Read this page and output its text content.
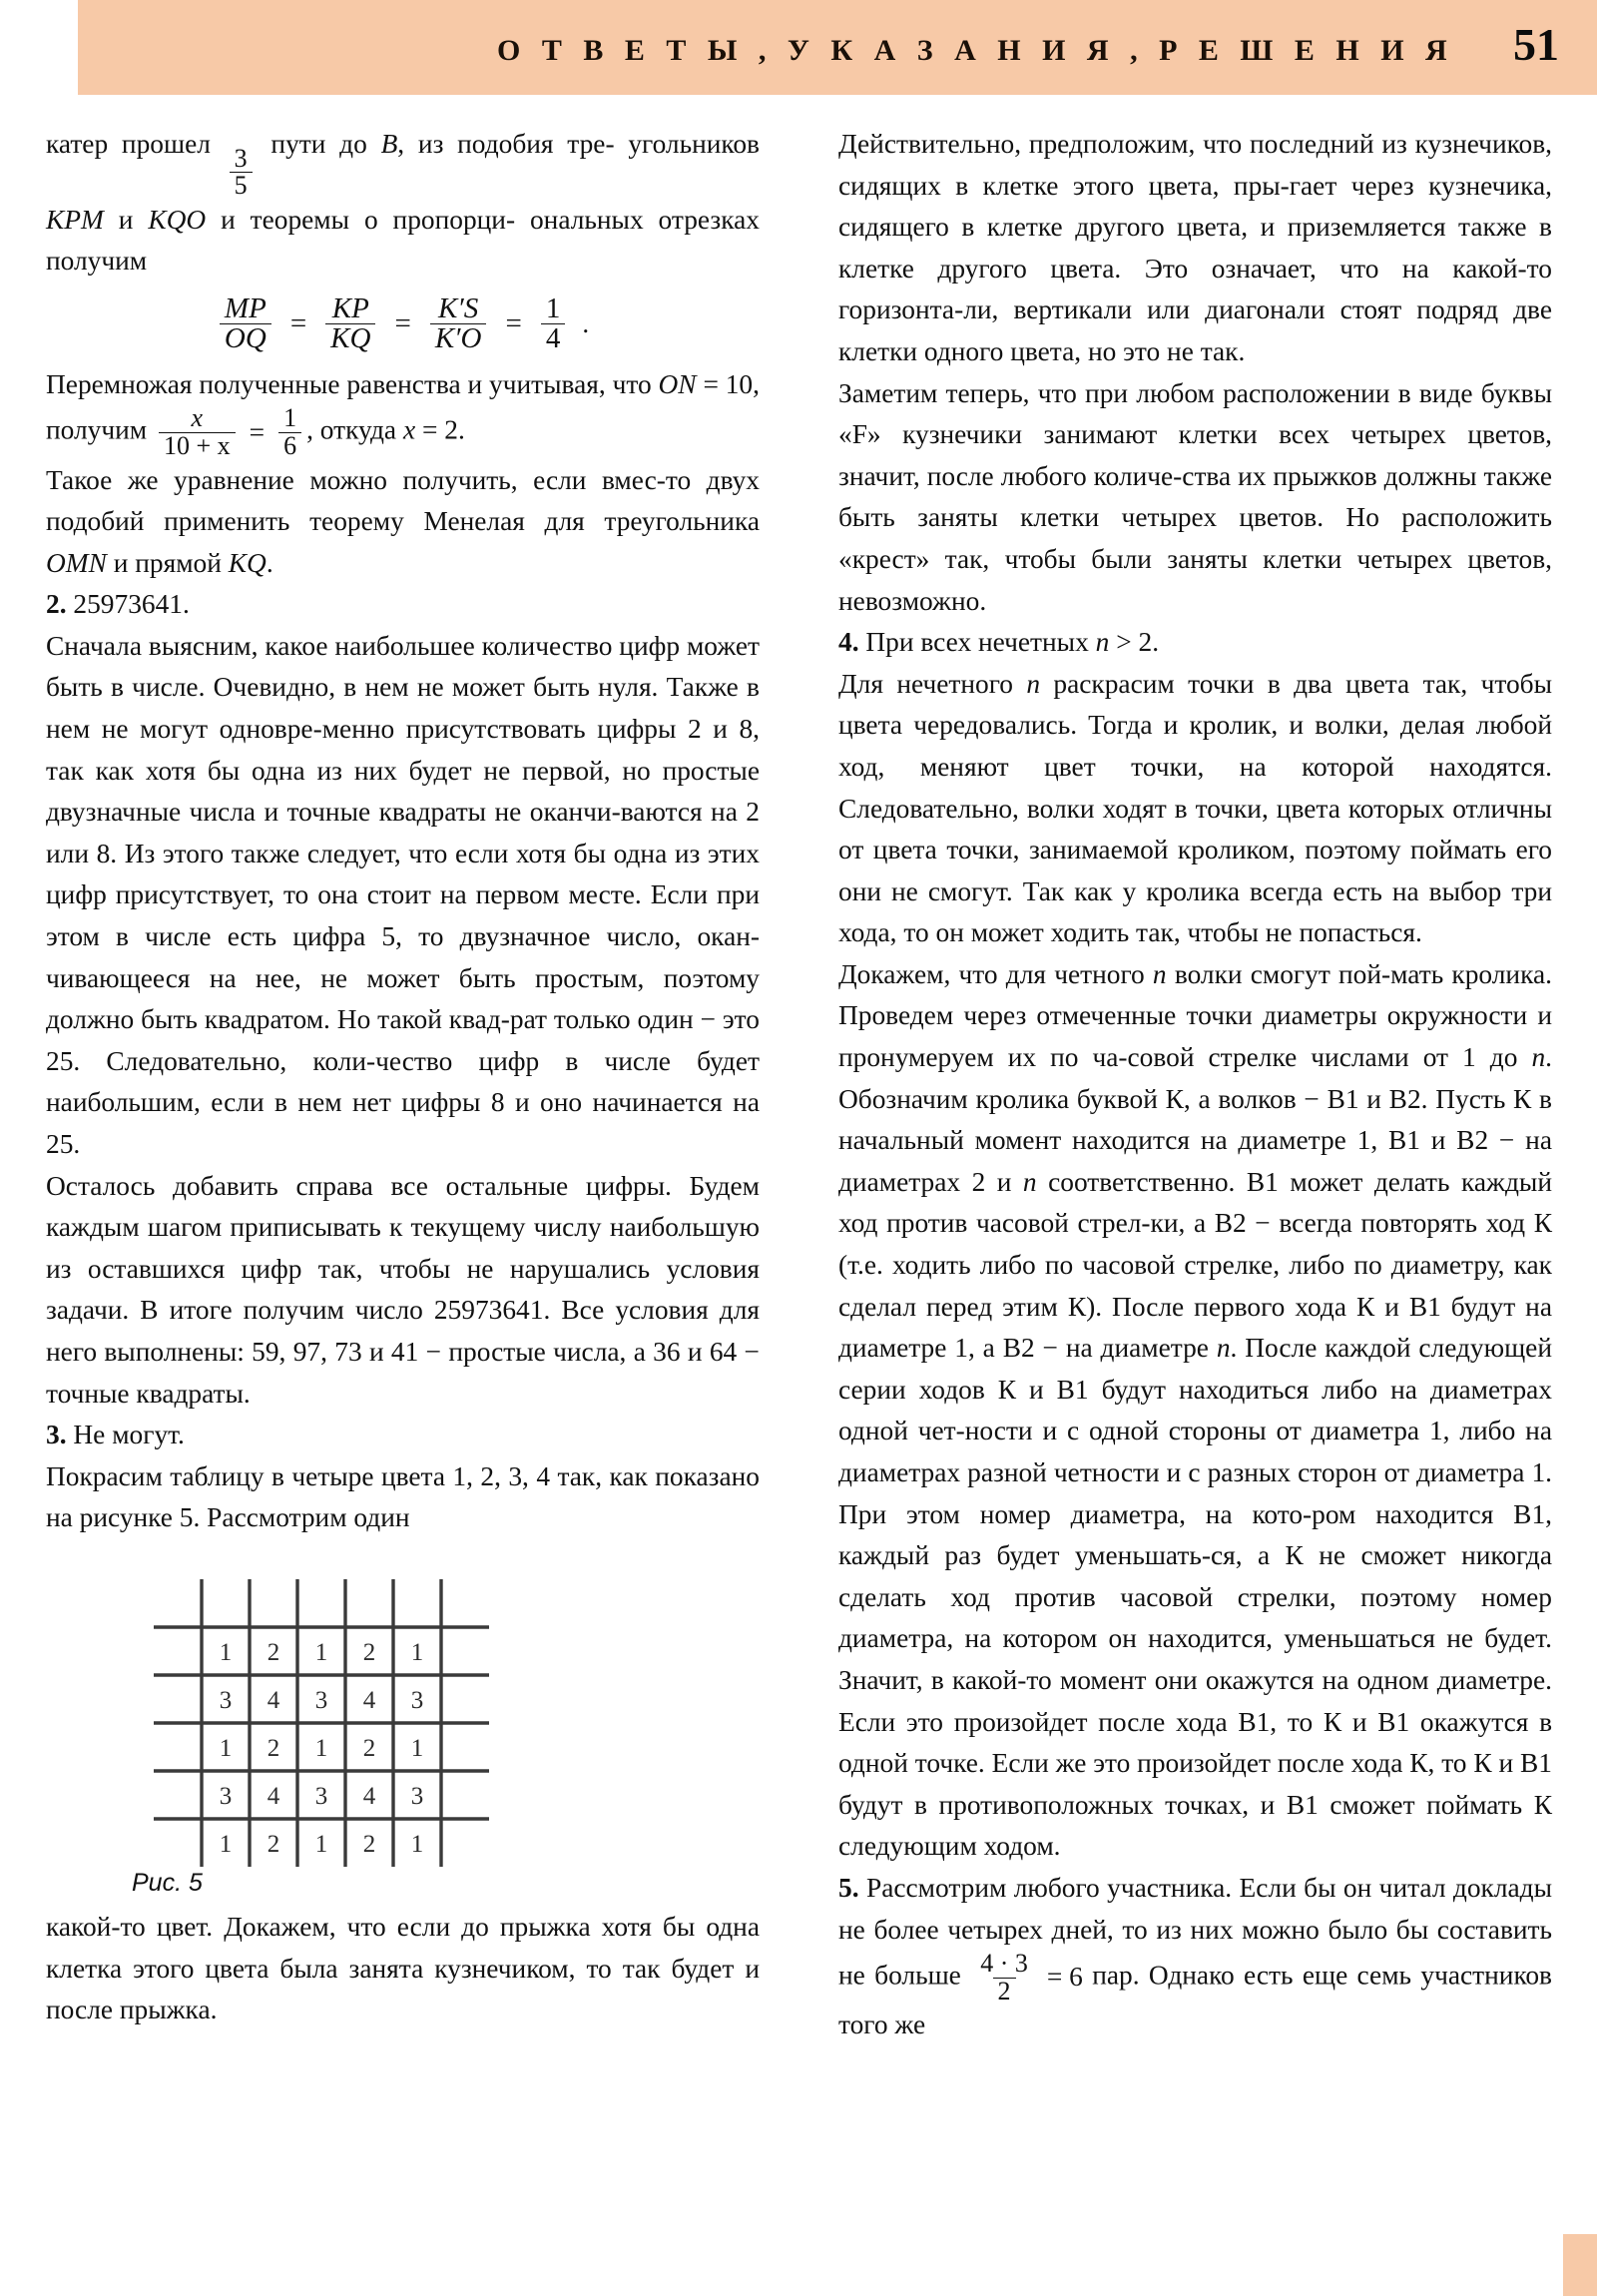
О Т В Е Т Ы , У К А З А Н И Я , Р Е Ш Е Н И Я 51

катер прошел
$\frac{3}{5}$
пути до B, из подобия тре- угольников KPM и KQO и теоремы о пропорци- ональных отрезках получим

$\frac{MP}{OQ} = \frac{KP}{KQ} = \frac{K'S}{K'O} = \frac{1}{4}$ .

Перемножая полученные равенства и учитывая, что ON = 10, получим $\frac{x}{10 + x} = \frac{1}{6}$ , откуда x = 2.

Такое же уравнение можно получить, если вмес-то двух подобий применить теорему Менелая для треугольника OMN и прямой KQ.

2. 25973641.

Сначала выясним, какое наибольшее количество цифр может быть в числе. Очевидно, в нем не может быть нуля. Также в нем не могут одновре-менно присутствовать цифры 2 и 8, так как хотя бы одна из них будет не первой, но простые двузначные числа и точные квадраты не оканчи-ваются на 2 или 8. Из этого также следует, что если хотя бы одна из этих цифр присутствует, то она стоит на первом месте. Если при этом в числе есть цифра 5, то двузначное число, окан-чивающееся на нее, не может быть простым, поэтому должно быть квадратом. Но такой квад-рат только один − это 25. Следовательно, коли-чество цифр в числе будет наибольшим, если в нем нет цифры 8 и оно начинается на 25.

Осталось добавить справа все остальные цифры. Будем каждым шагом приписывать к текущему числу наибольшую из оставшихся цифр так, чтобы не нарушались условия задачи. В итоге получим число 25973641. Все условия для него выполнены: 59, 97, 73 и 41 − простые числа, а 36 и 64 − точные квадраты.

3. Не могут.

Покрасим таблицу в четыре цвета 1, 2, 3, 4 так, как показано на рисунке 5. Рассмотрим один

1 2 1 2 1
3 4 3 4 3
1 2 1 2 1
3 4 3 4 3
1 2 1 2 1
Рис. 5

какой-то цвет. Докажем, что если до прыжка хотя бы одна клетка этого цвета была занята кузнечиком, то так будет и после прыжка.

Действительно, предположим, что последний из кузнечиков, сидящих в клетке этого цвета, пры-гает через кузнечика, сидящего в клетке другого цвета, и приземляется также в клетке другого цвета. Это означает, что на какой-то горизонта-ли, вертикали или диагонали стоят подряд две клетки одного цвета, но это не так.

Заметим теперь, что при любом расположении в виде буквы «F» кузнечики занимают клетки всех четырех цветов, значит, после любого количе-ства их прыжков должны также быть заняты клетки четырех цветов. Но расположить «крест» так, чтобы были заняты клетки четырех цветов, невозможно.

4. При всех нечетных n > 2.

Для нечетного n раскрасим точки в два цвета так, чтобы цвета чередовались. Тогда и кролик, и волки, делая любой ход, меняют цвет точки, на которой находятся. Следовательно, волки ходят в точки, цвета которых отличны от цвета точки, занимаемой кроликом, поэтому поймать его они не смогут. Так как у кролика всегда есть на выбор три хода, то он может ходить так, чтобы не попасться.

Докажем, что для четного n волки смогут пой-мать кролика. Проведем через отмеченные точки диаметры окружности и пронумеруем их по ча-совой стрелке числами от 1 до n. Обозначим кролика буквой К, а волков − В1 и В2. Пусть К в начальный момент находится на диаметре 1, В1 и В2 − на диаметрах 2 и n соответственно. В1 может делать каждый ход против часовой стрел-ки, а В2 − всегда повторять ход К (т.е. ходить либо по часовой стрелке, либо по диаметру, как сделал перед этим К). После первого хода К и В1 будут на диаметре 1, а В2 − на диаметре n. После каждой следующей серии ходов К и В1 будут находиться либо на диаметрах одной чет-ности и с одной стороны от диаметра 1, либо на диаметрах разной четности и с разных сторон от диаметра 1. При этом номер диаметра, на кото-ром находится В1, каждый раз будет уменьшать-ся, а К не сможет никогда сделать ход против часовой стрелки, поэтому номер диаметра, на котором он находится, уменьшаться не будет. Значит, в какой-то момент они окажутся на одном диаметре. Если это произойдет после хода В1, то К и В1 окажутся в одной точке. Если же это произойдет после хода К, то К и В1 будут в противоположных точках, и В1 сможет поймать К следующим ходом.

5. Рассмотрим любого участника. Если бы он читал доклады не более четырех дней, то из них можно было бы составить не больше $\frac{4 \cdot 3}{2} = 6$ пар. Однако есть еще семь участников того же
